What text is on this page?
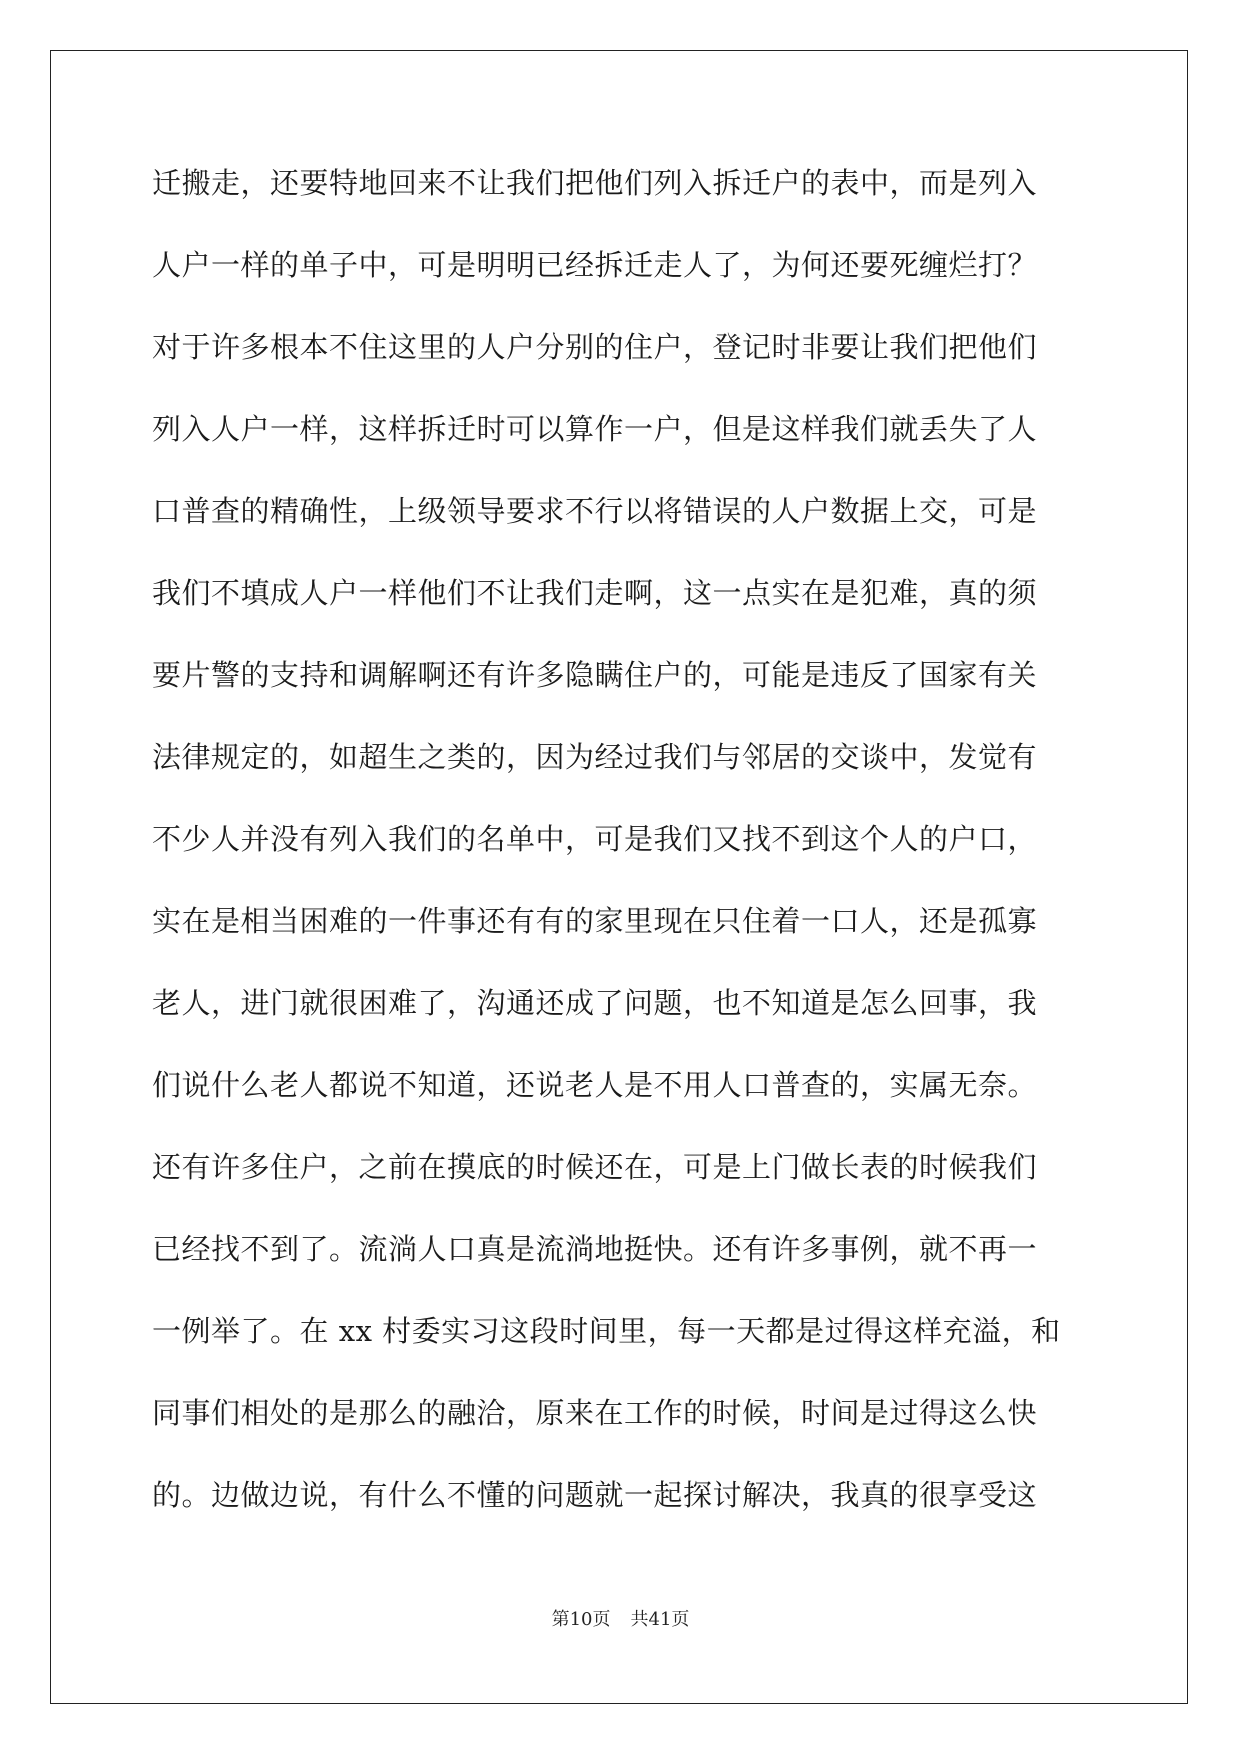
迁搬走，还要特地回来不让我们把他们列入拆迁户的表中，而是列入
人户一样的单子中，可是明明已经拆迁走人了，为何还要死缠烂打？
对于许多根本不住这里的人户分别的住户，登记时非要让我们把他们
列入人户一样，这样拆迁时可以算作一户，但是这样我们就丢失了人
口普查的精确性，上级领导要求不行以将错误的人户数据上交，可是
我们不填成人户一样他们不让我们走啊，这一点实在是犯难，真的须
要片警的支持和调解啊还有许多隐瞒住户的，可能是违反了国家有关
法律规定的，如超生之类的，因为经过我们与邻居的交谈中，发觉有
不少人并没有列入我们的名单中，可是我们又找不到这个人的户口，
实在是相当困难的一件事还有有的家里现在只住着一口人，还是孤寡
老人，进门就很困难了，沟通还成了问题，也不知道是怎么回事，我
们说什么老人都说不知道，还说老人是不用人口普查的，实属无奈。
还有许多住户，之前在摸底的时候还在，可是上门做长表的时候我们
已经找不到了。流淌人口真是流淌地挺快。还有许多事例，就不再一
一例举了。在 xx 村委实习这段时间里，每一天都是过得这样充溢，和
同事们相处的是那么的融洽，原来在工作的时候，时间是过得这么快
的。边做边说，有什么不懂的问题就一起探讨解决，我真的很享受这
第10页 共41页
